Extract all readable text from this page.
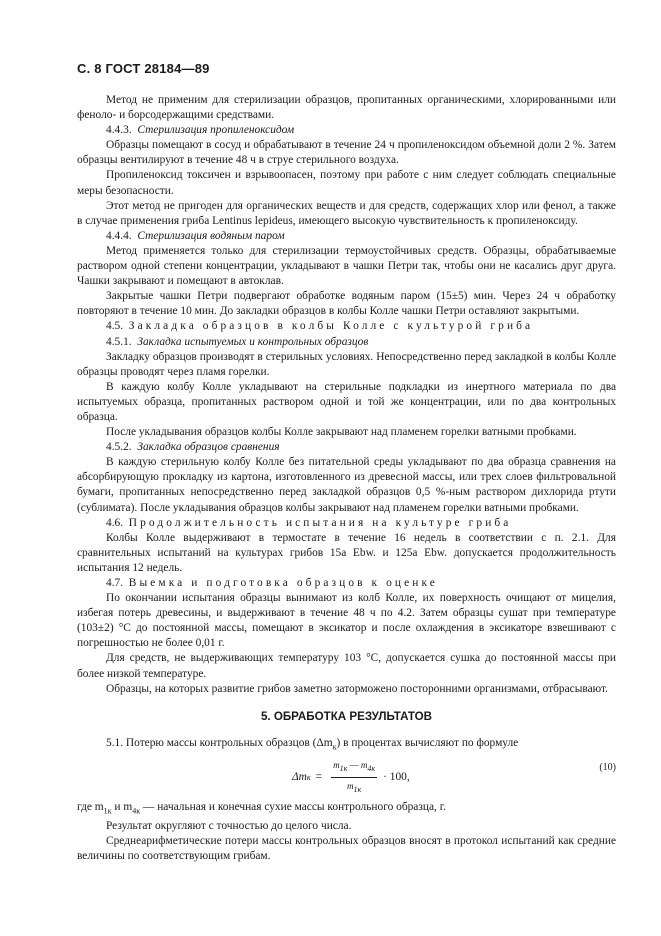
С. 8 ГОСТ 28184—89

Метод не применим для стерилизации образцов, пропитанных органическими, хлорированными или феноло- и борсодержащими средствами.

4.4.3. Стерилизация пропиленоксидом

Образцы помещают в сосуд и обрабатывают в течение 24 ч пропиленоксидом объемной доли 2 %. Затем образцы вентилируют в течение 48 ч в струе стерильного воздуха.

Пропиленоксид токсичен и взрывоопасен, поэтому при работе с ним следует соблюдать специальные меры безопасности.

Этот метод не пригоден для органических веществ и для средств, содержащих хлор или фенол, а также в случае применения гриба Lentinus lepideus, имеющего высокую чувствительность к пропиленоксиду.

4.4.4. Стерилизация водяным паром

Метод применяется только для стерилизации термоустойчивых средств. Образцы, обрабатываемые раствором одной степени концентрации, укладывают в чашки Петри так, чтобы они не касались друг друга. Чашки закрывают и помещают в автоклав.

Закрытые чашки Петри подвергают обработке водяным паром (15±5) мин. Через 24 ч обработку повторяют в течение 10 мин. До закладки образцов в колбы Колле чашки Петри оставляют закрытыми.

4.5. Закладка образцов в колбы Колле с культурой гриба

4.5.1. Закладка испытуемых и контрольных образцов

Закладку образцов производят в стерильных условиях. Непосредственно перед закладкой в колбы Колле образцы проводят через пламя горелки.

В каждую колбу Колле укладывают на стерильные подкладки из инертного материала по два испытуемых образца, пропитанных раствором одной и той же концентрации, или по два контрольных образца.

После укладывания образцов колбы Колле закрывают над пламенем горелки ватными пробками.

4.5.2. Закладка образцов сравнения

В каждую стерильную колбу Колле без питательной среды укладывают по два образца сравнения на абсорбирующую прокладку из картона, изготовленного из древесной массы, или трех слоев фильтровальной бумаги, пропитанных непосредственно перед закладкой образцов 0,5 %-ным раствором дихлорида ртути (сублимата). После укладывания образцов колбы закрывают над пламенем горелки ватными пробками.

4.6. Продолжительность испытания на культуре гриба

Колбы Колле выдерживают в термостате в течение 16 недель в соответствии с п. 2.1. Для сравнительных испытаний на культурах грибов 15а Ebw. и 125а Ebw. допускается продолжительность испытания 12 недель.

4.7. Выемка и подготовка образцов к оценке

По окончании испытания образцы вынимают из колб Колле, их поверхность очищают от мицелия, избегая потерь древесины, и выдерживают в течение 48 ч по 4.2. Затем образцы сушат при температуре (103±2) °С до постоянной массы, помещают в эксикатор и после охлаждения в эксикаторе взвешивают с погрешностью не более 0,01 г.

Для средств, не выдерживающих температуру 103 °С, допускается сушка до постоянной массы при более низкой температуре.

Образцы, на которых развитие грибов заметно заторможено посторонними организмами, отбрасывают.

5. ОБРАБОТКА РЕЗУЛЬТАТОВ

5.1. Потерю массы контрольных образцов $(\Delta m_к)$ в процентах вычисляют по формуле

Δm $к = \frac{m_{1к} — m_{4к}}{m_{1к}} \cdot 100$,
(10)

где $m_{1к}$ и $m_{4к}$ — начальная и конечная сухие массы контрольного образца, г.

Результат округляют с точностью до целого числа.

Среднеарифметические потери массы контрольных образцов вносят в протокол испытаний как средние величины по соответствующим грибам.
